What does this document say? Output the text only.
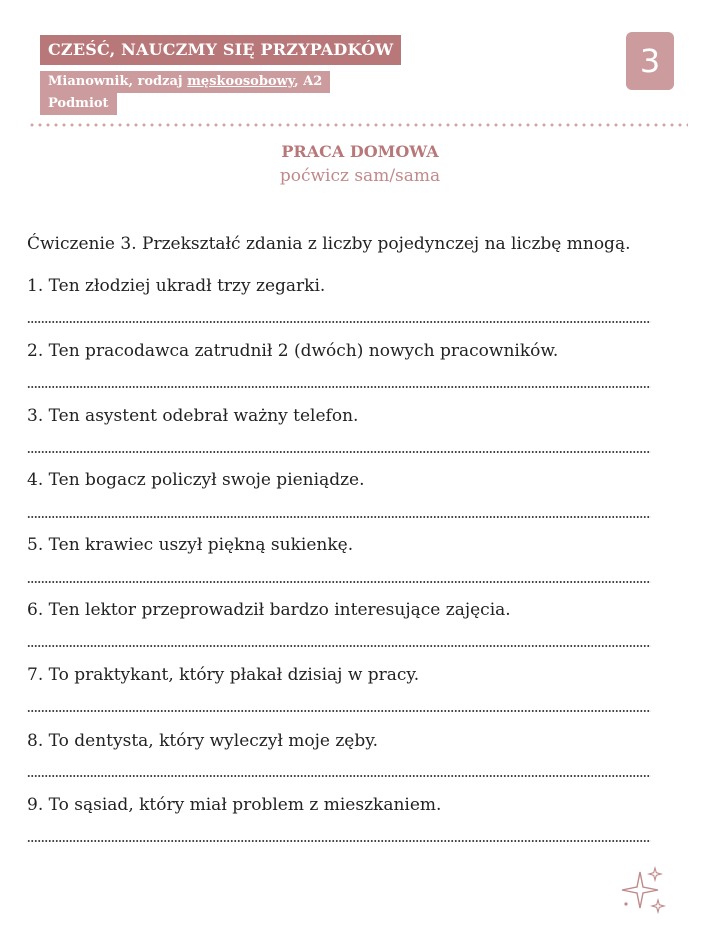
CZEŚĆ, NAUCZMY SIĘ PRZYPADKÓW
Mianownik, rodzaj męskoosobowy, A2
Podmiot
3
PRACA DOMOWA
poćwicz sam/sama
Ćwiczenie 3. Przekształć zdania z liczby pojedynczej na liczbę mnogą.
1. Ten złodziej ukradł trzy zegarki.
2. Ten pracodawca zatrudnił 2 (dwóch) nowych pracowników.
3. Ten asystent odebrał ważny telefon.
4. Ten bogacz policzył swoje pieniądze.
5. Ten krawiec uszył piękną sukienkę.
6. Ten lektor przeprowadził bardzo interesujące zajęcia.
7. To praktykant, który płakał dzisiaj w pracy.
8. To dentysta, który wyleczył moje zęby.
9. To sąsiad, który miał problem z mieszkaniem.
